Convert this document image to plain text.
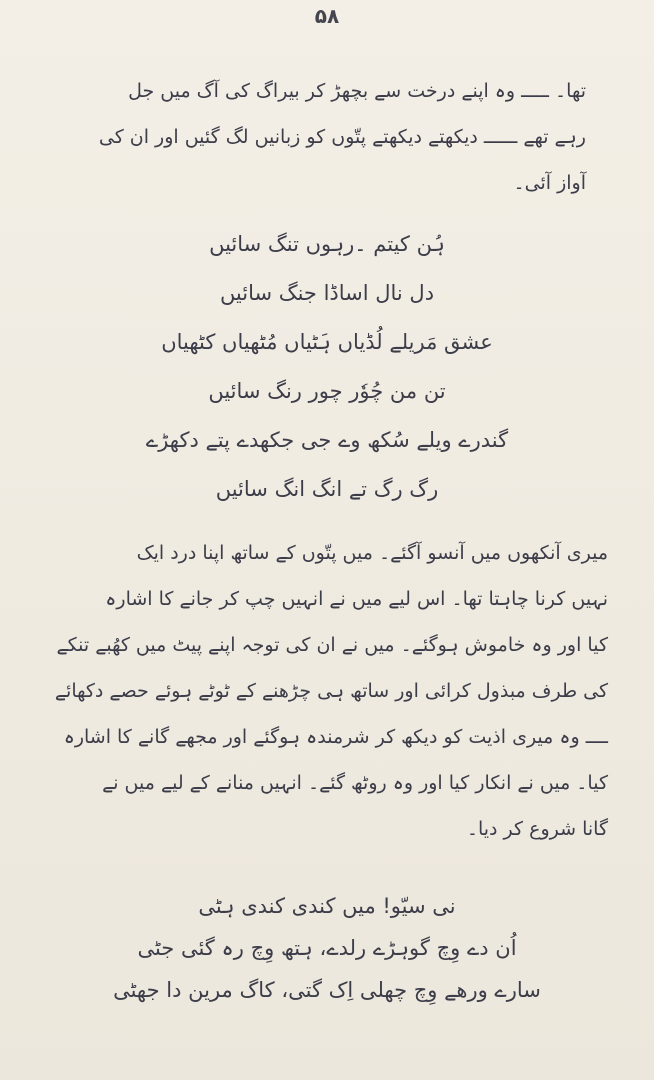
۵۸
تھا۔ ـــــ وہ اپنے درخت سے بچھڑ کر بیراگ کی آگ میں جل
رہے تھے ــــــ دیکھتے دیکھتے پتّوں کو زبانیں لگ گئیں اور ان کی
آواز آئی۔
ہُن کیتم ۔رہوں تنگ سائیں
دل نال اساڈا جنگ سائیں
عشق مَریلے لُڈیاں ہَٹیاں مُٹھیاں کٹھیاں
تن من چُوٗر چور رنگ سائیں
گندرے ویلے سُکھ وے جی جکھدے پتے دکھڑے
رگ رگ تے انگ انگ سائیں
میری آنکھوں میں آنسو آگئے۔ میں پتّوں کے ساتھ اپنا درد ایک
نہیں کرنا چاہتا تھا۔ اس لیے میں نے انہیں چپ کر جانے کا اشارہ
کیا اور وہ خاموش ہوگئے۔ میں نے ان کی توجہ اپنے پیٹ میں کھُبے تنکے
کی طرف مبذول کرائی اور ساتھ ہی چڑھنے کے ٹوٹے ہوئے حصے دکھائے
ــــ وہ میری اذیت کو دیکھ کر شرمندہ ہوگئے اور مجھے گانے کا اشارہ
کیا۔ میں نے انکار کیا اور وہ روٹھ گئے۔ انہیں منانے کے لیے میں نے
گانا شروع کر دیا۔
نی سیّو! میں کندی کندی ہٹی
اُن دے وِچ گوہڑے رلدے، ہتھ وِچ رہ گئی جٹی
سارے ورھے وِچ چھلی اِک گتی، کاگ مرین دا جھٹی
